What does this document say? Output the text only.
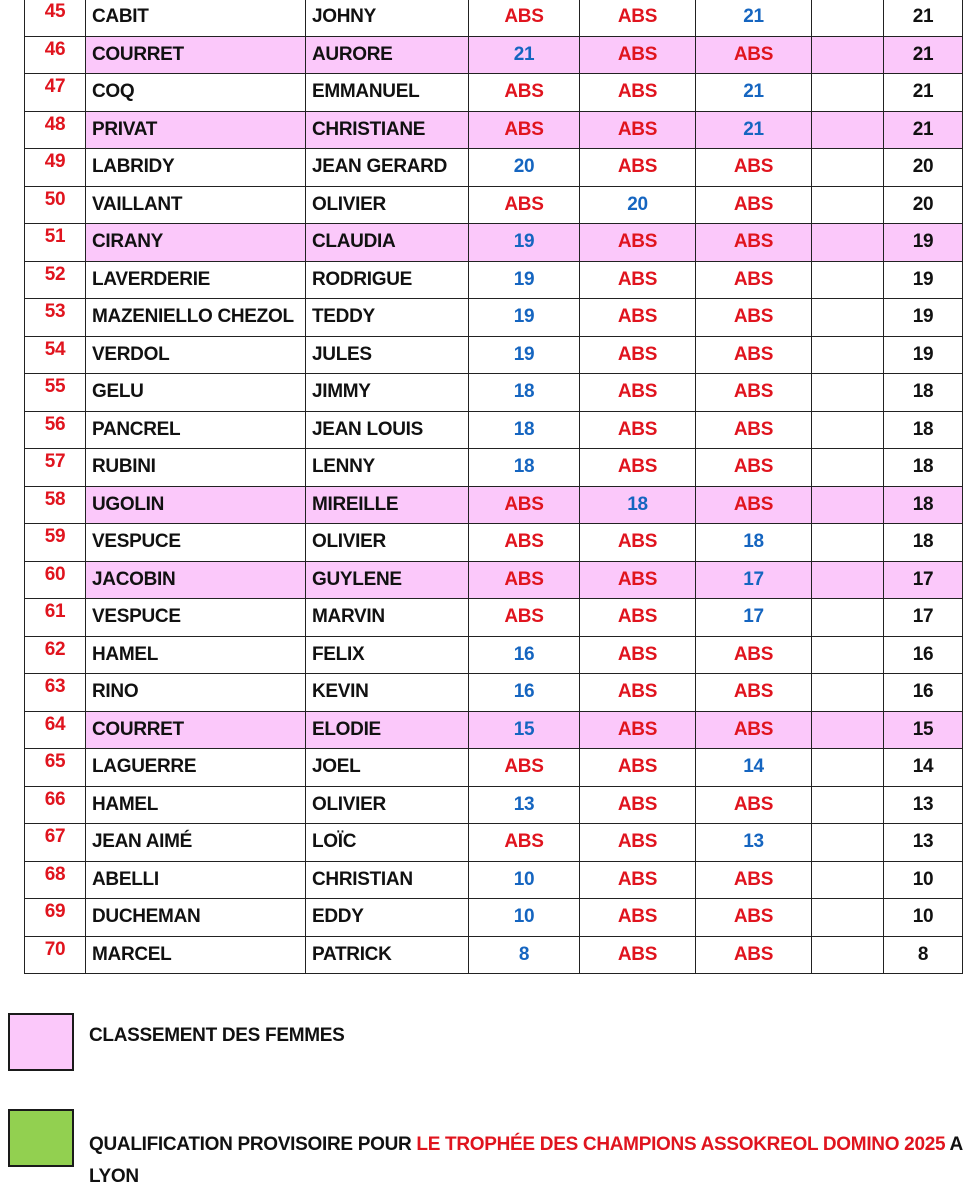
45	CABIT	JOHNY	ABS	ABS	21		21
46	COURRET	AURORE	21	ABS	ABS		21
47	COQ	EMMANUEL	ABS	ABS	21		21
48	PRIVAT	CHRISTIANE	ABS	ABS	21		21
49	LABRIDY	JEAN GERARD	20	ABS	ABS		20
50	VAILLANT	OLIVIER	ABS	20	ABS		20
51	CIRANY	CLAUDIA	19	ABS	ABS		19
52	LAVERDERIE	RODRIGUE	19	ABS	ABS		19
53	MAZENIELLO CHEZOL	TEDDY	19	ABS	ABS		19
54	VERDOL	JULES	19	ABS	ABS		19
55	GELU	JIMMY	18	ABS	ABS		18
56	PANCREL	JEAN LOUIS	18	ABS	ABS		18
57	RUBINI	LENNY	18	ABS	ABS		18
58	UGOLIN	MIREILLE	ABS	18	ABS		18
59	VESPUCE	OLIVIER	ABS	ABS	18		18
60	JACOBIN	GUYLENE	ABS	ABS	17		17
61	VESPUCE	MARVIN	ABS	ABS	17		17
62	HAMEL	FELIX	16	ABS	ABS		16
63	RINO	KEVIN	16	ABS	ABS		16
64	COURRET	ELODIE	15	ABS	ABS		15
65	LAGUERRE	JOEL	ABS	ABS	14		14
66	HAMEL	OLIVIER	13	ABS	ABS		13
67	JEAN AIMÉ	LOÏC	ABS	ABS	13		13
68	ABELLI	CHRISTIAN	10	ABS	ABS		10
69	DUCHEMAN	EDDY	10	ABS	ABS		10
70	MARCEL	PATRICK	8	ABS	ABS		8
CLASSEMENT DES FEMMES
QUALIFICATION PROVISOIRE POUR LE TROPHÉE DES CHAMPIONS ASSOKREOL DOMINO 2025 A LYON
